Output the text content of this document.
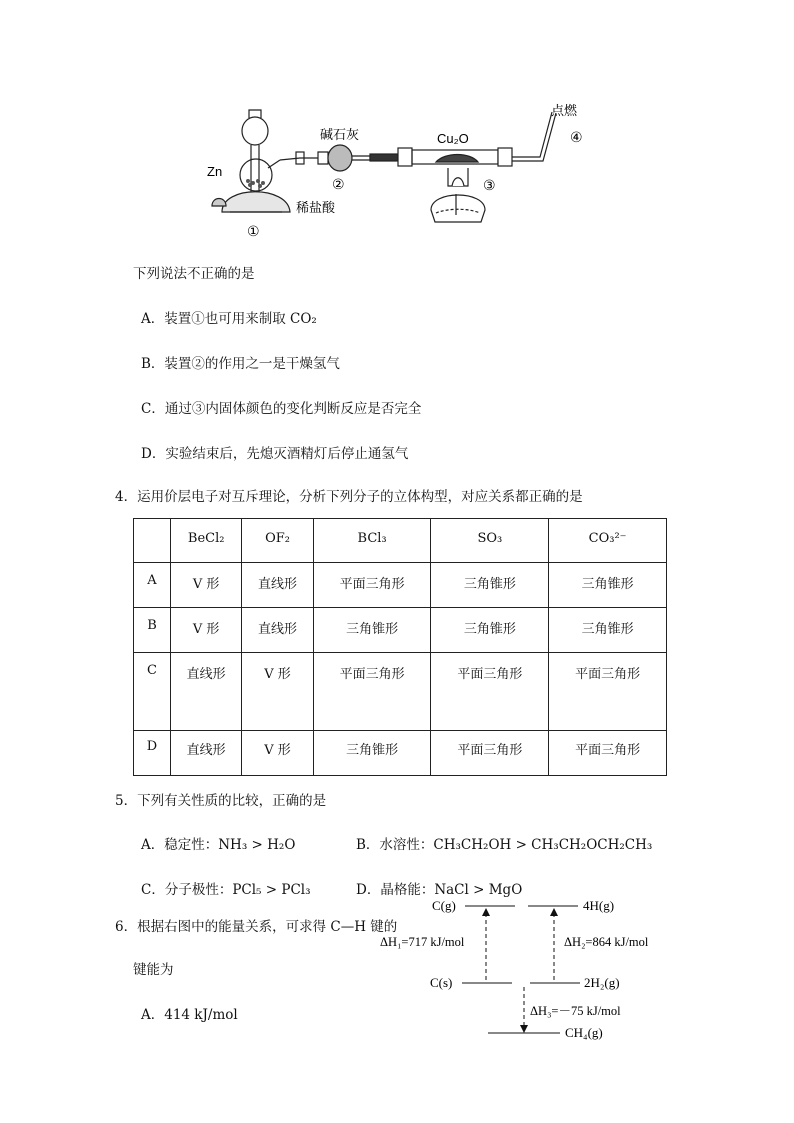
点燃
④
碱石灰	Cu₂O
Zn
②	③
稀盐酸
①
下列说法不正确的是
A．装置①也可用来制取 CO₂
B．装置②的作用之一是干燥氢气
C．通过③内固体颜色的变化判断反应是否完全
D．实验结束后，先熄灭酒精灯后停止通氢气
4．运用价层电子对互斥理论，分析下列分子的立体构型，对应关系都正确的是
	BeCl₂	OF₂	BCl₃	SO₃	CO₃²⁻
A	V 形	直线形	平面三角形	三角锥形	三角锥形
B	V 形	直线形	三角锥形	三角锥形	三角锥形
C	直线形	V 形	平面三角形	平面三角形	平面三角形
D	直线形	V 形	三角锥形	平面三角形	平面三角形
5．下列有关性质的比较，正确的是
A．稳定性：NH₃ > H₂O	B．水溶性：CH₃CH₂OH > CH₃CH₂OCH₂CH₃
C．分子极性：PCl₅ > PCl₃	D．晶格能：NaCl > MgO
6．根据右图中的能量关系，可求得 C—H 键的
键能为
A．414 kJ/mol
C(g)	4H(g)
ΔH₁=717 kJ/mol	ΔH₂=864 kJ/mol
C(s)	2H₂(g)
ΔH₃=－75 kJ/mol
CH₄(g)
